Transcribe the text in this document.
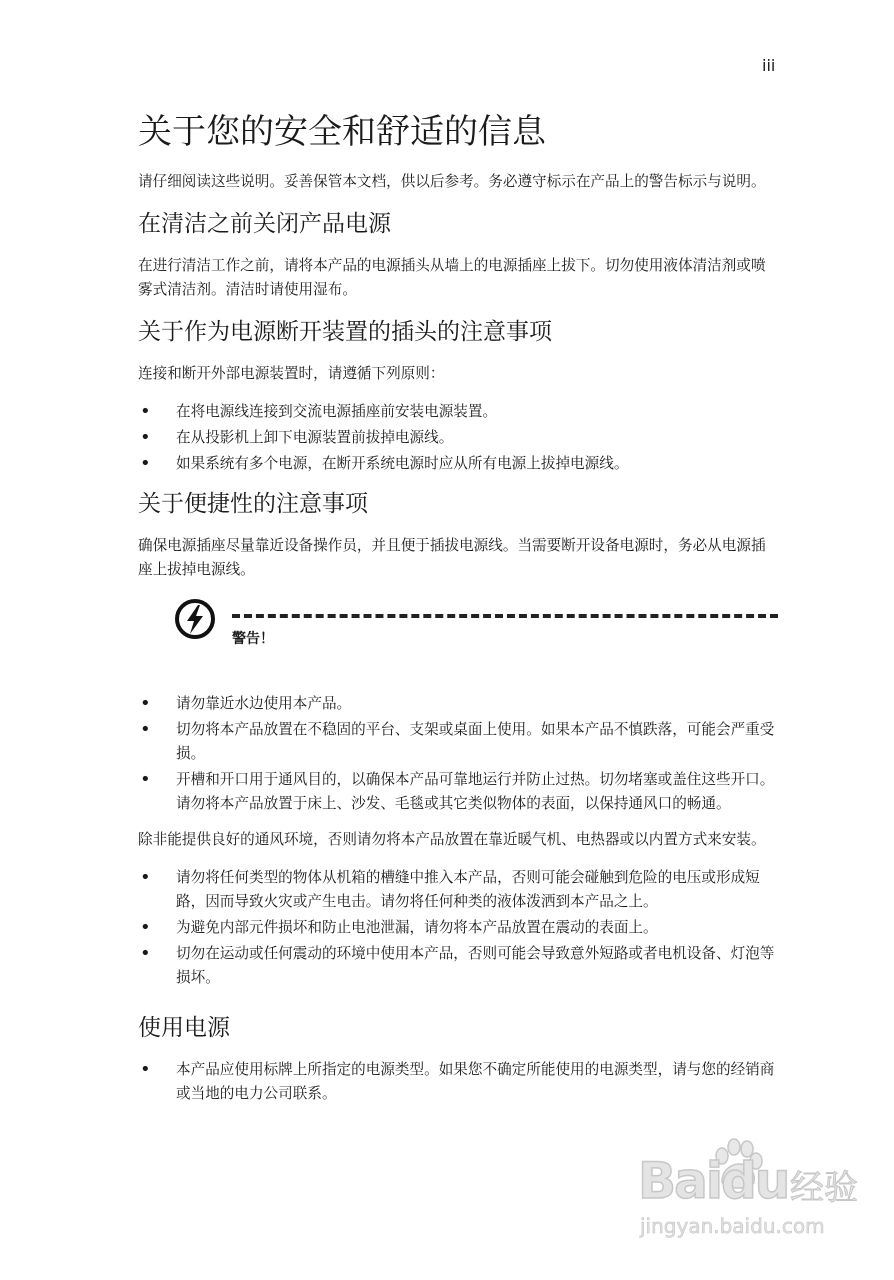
iii
关于您的安全和舒适的信息

请仔细阅读这些说明。妥善保管本文档，供以后参考。务必遵守标示在产品上的警告标示与说明。

在清洁之前关闭产品电源

在进行清洁工作之前，请将本产品的电源插头从墙上的电源插座上拔下。切勿使用液体清洁剂或喷雾式清洁剂。清洁时请使用湿布。

关于作为电源断开装置的插头的注意事项

连接和断开外部电源装置时，请遵循下列原则：

• 在将电源线连接到交流电源插座前安装电源装置。
• 在从投影机上卸下电源装置前拔掉电源线。
• 如果系统有多个电源，在断开系统电源时应从所有电源上拔掉电源线。
关于便捷性的注意事项

确保电源插座尽量靠近设备操作员，并且便于插拔电源线。当需要断开设备电源时，务必从电源插座上拔掉电源线。

警告！
• 请勿靠近水边使用本产品。
• 切勿将本产品放置在不稳固的平台、支架或桌面上使用。如果本产品不慎跌落，可能会严重受损。
• 开槽和开口用于通风目的，以确保本产品可靠地运行并防止过热。切勿堵塞或盖住这些开口。请勿将本产品放置于床上、沙发、毛毯或其它类似物体的表面，以保持通风口的畅通。

除非能提供良好的通风环境，否则请勿将本产品放置在靠近暖气机、电热器或以内置方式来安装。

• 请勿将任何类型的物体从机箱的槽缝中推入本产品，否则可能会碰触到危险的电压或形成短路，因而导致火灾或产生电击。请勿将任何种类的液体泼洒到本产品之上。
• 为避免内部元件损坏和防止电池泄漏，请勿将本产品放置在震动的表面上。
• 切勿在运动或任何震动的环境中使用本产品，否则可能会导致意外短路或者电机设备、灯泡等损坏。
使用电源
• 本产品应使用标牌上所指定的电源类型。如果您不确定所能使用的电源类型，请与您的经销商或当地的电力公司联系。
Baidu 经验
jingyan.baidu.com
